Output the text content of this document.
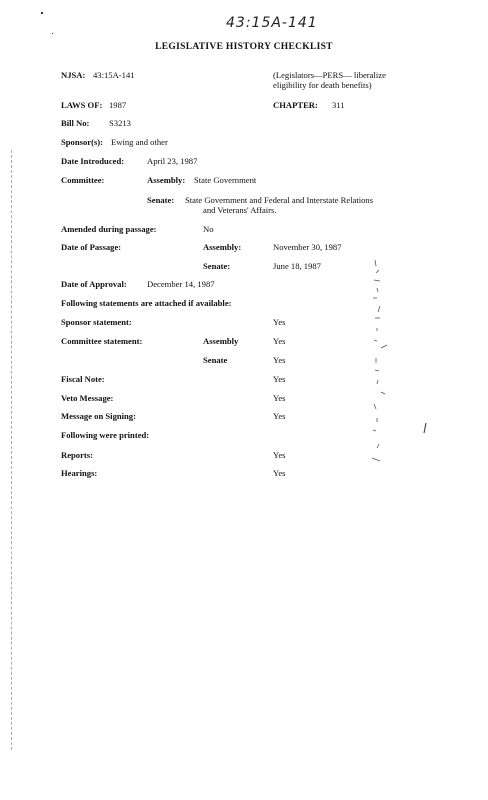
43:15A-141
LEGISLATIVE HISTORY CHECKLIST
NJSA: 43:15A-141	(Legislators—PERS— liberalize
eligibility for death benefits)
LAWS OF: 1987	CHAPTER: 311
Bill No: S3213
Sponsor(s): Ewing and other
Date Introduced:	April 23, 1987
Committee:	Assembly: State Government
Senate: State Government and Federal and Interstate Relations
and Veterans' Affairs.
Amended during passage:	No
Date of Passage:	Assembly:	November 30, 1987
Senate:	June 18, 1987
Date of Approval: December 14, 1987
Following statements are attached if available:
Sponsor statement:	Yes
Committee statement:	Assembly	Yes
Senate	Yes
Fiscal Note:	Yes
Veto Message:	Yes
Message on Signing:	Yes
Following were printed:
Reports:	Yes
Hearings:	Yes
